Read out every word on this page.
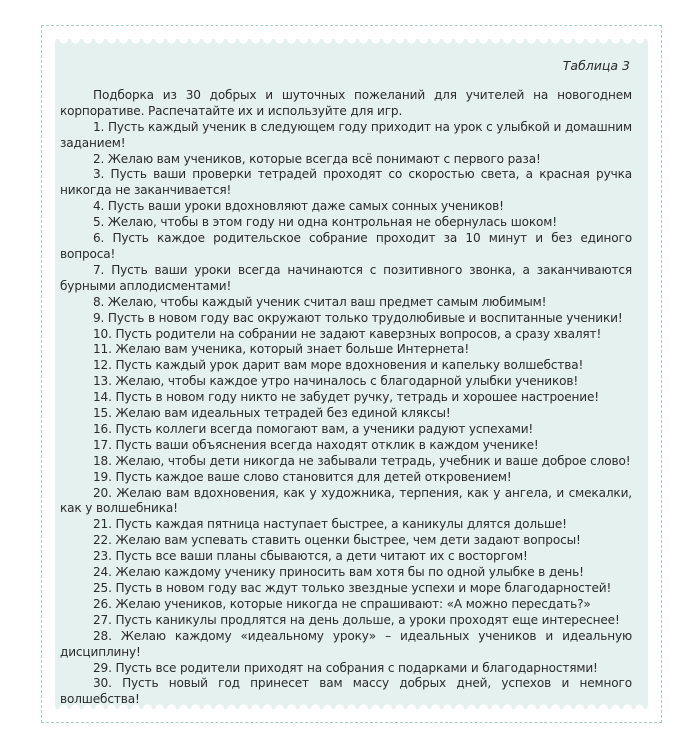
Таблица 3

Подборка из 30 добрых и шуточных пожеланий для учителей на новогоднем корпоративе. Распечатайте их и используйте для игр.

1. Пусть каждый ученик в следующем году приходит на урок с улыбкой и домашним заданием!
2. Желаю вам учеников, которые всегда всё понимают с первого раза!
3. Пусть ваши проверки тетрадей проходят со скоростью света, а красная ручка никогда не заканчивается!
4. Пусть ваши уроки вдохновляют даже самых сонных учеников!
5. Желаю, чтобы в этом году ни одна контрольная не обернулась шоком!
6. Пусть каждое родительское собрание проходит за 10 минут и без единого вопроса!
7. Пусть ваши уроки всегда начинаются с позитивного звонка, а заканчиваются бурными аплодисментами!
8. Желаю, чтобы каждый ученик считал ваш предмет самым любимым!
9. Пусть в новом году вас окружают только трудолюбивые и воспитанные ученики!
10. Пусть родители на собрании не задают каверзных вопросов, а сразу хвалят!
11. Желаю вам ученика, который знает больше Интернета!
12. Пусть каждый урок дарит вам море вдохновения и капельку волшебства!
13. Желаю, чтобы каждое утро начиналось с благодарной улыбки учеников!
14. Пусть в новом году никто не забудет ручку, тетрадь и хорошее настроение!
15. Желаю вам идеальных тетрадей без единой кляксы!
16. Пусть коллеги всегда помогают вам, а ученики радуют успехами!
17. Пусть ваши объяснения всегда находят отклик в каждом ученике!
18. Желаю, чтобы дети никогда не забывали тетрадь, учебник и ваше доброе слово!
19. Пусть каждое ваше слово становится для детей откровением!
20. Желаю вам вдохновения, как у художника, терпения, как у ангела, и смекалки, как у волшебника!
21. Пусть каждая пятница наступает быстрее, а каникулы длятся дольше!
22. Желаю вам успевать ставить оценки быстрее, чем дети задают вопросы!
23. Пусть все ваши планы сбываются, а дети читают их с восторгом!
24. Желаю каждому ученику приносить вам хотя бы по одной улыбке в день!
25. Пусть в новом году вас ждут только звездные успехи и море благодарностей!
26. Желаю учеников, которые никогда не спрашивают: «А можно пересдать?»
27. Пусть каникулы продлятся на день дольше, а уроки проходят еще интереснее!
28. Желаю каждому «идеальному уроку» – идеальных учеников и идеальную дисциплину!
29. Пусть все родители приходят на собрания с подарками и благодарностями!
30. Пусть новый год принесет вам массу добрых дней, успехов и немного волшебства!
